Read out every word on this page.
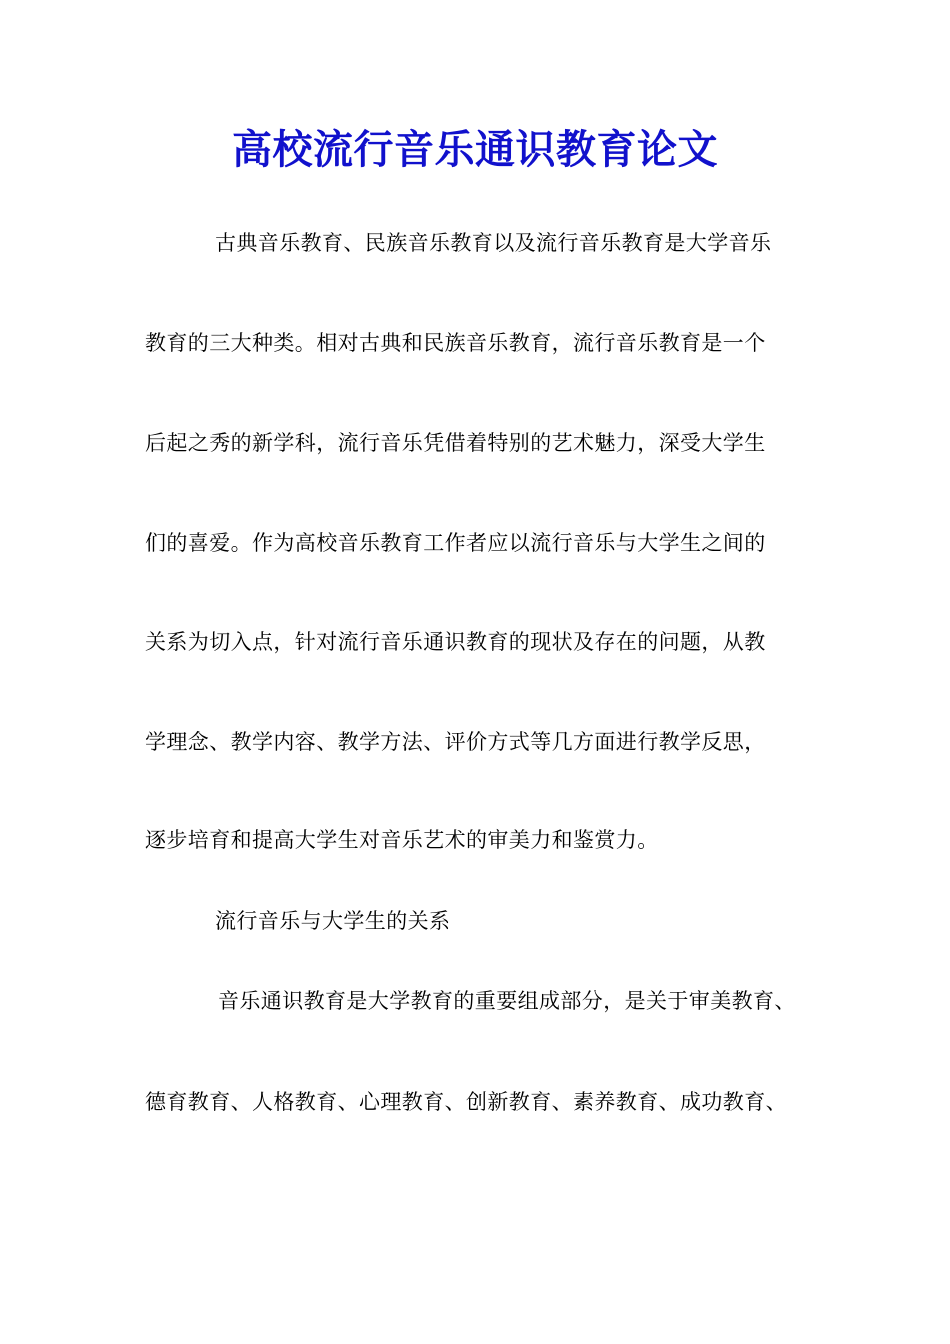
高校流行音乐通识教育论文
古典音乐教育、民族音乐教育以及流行音乐教育是大学音乐
教育的三大种类。相对古典和民族音乐教育，流行音乐教育是一个
后起之秀的新学科，流行音乐凭借着特别的艺术魅力，深受大学生
们的喜爱。作为高校音乐教育工作者应以流行音乐与大学生之间的
关系为切入点，针对流行音乐通识教育的现状及存在的问题，从教
学理念、教学内容、教学方法、评价方式等几方面进行教学反思，
逐步培育和提高大学生对音乐艺术的审美力和鉴赏力。
流行音乐与大学生的关系
音乐通识教育是大学教育的重要组成部分，是关于审美教育、
德育教育、人格教育、心理教育、创新教育、素养教育、成功教育、
